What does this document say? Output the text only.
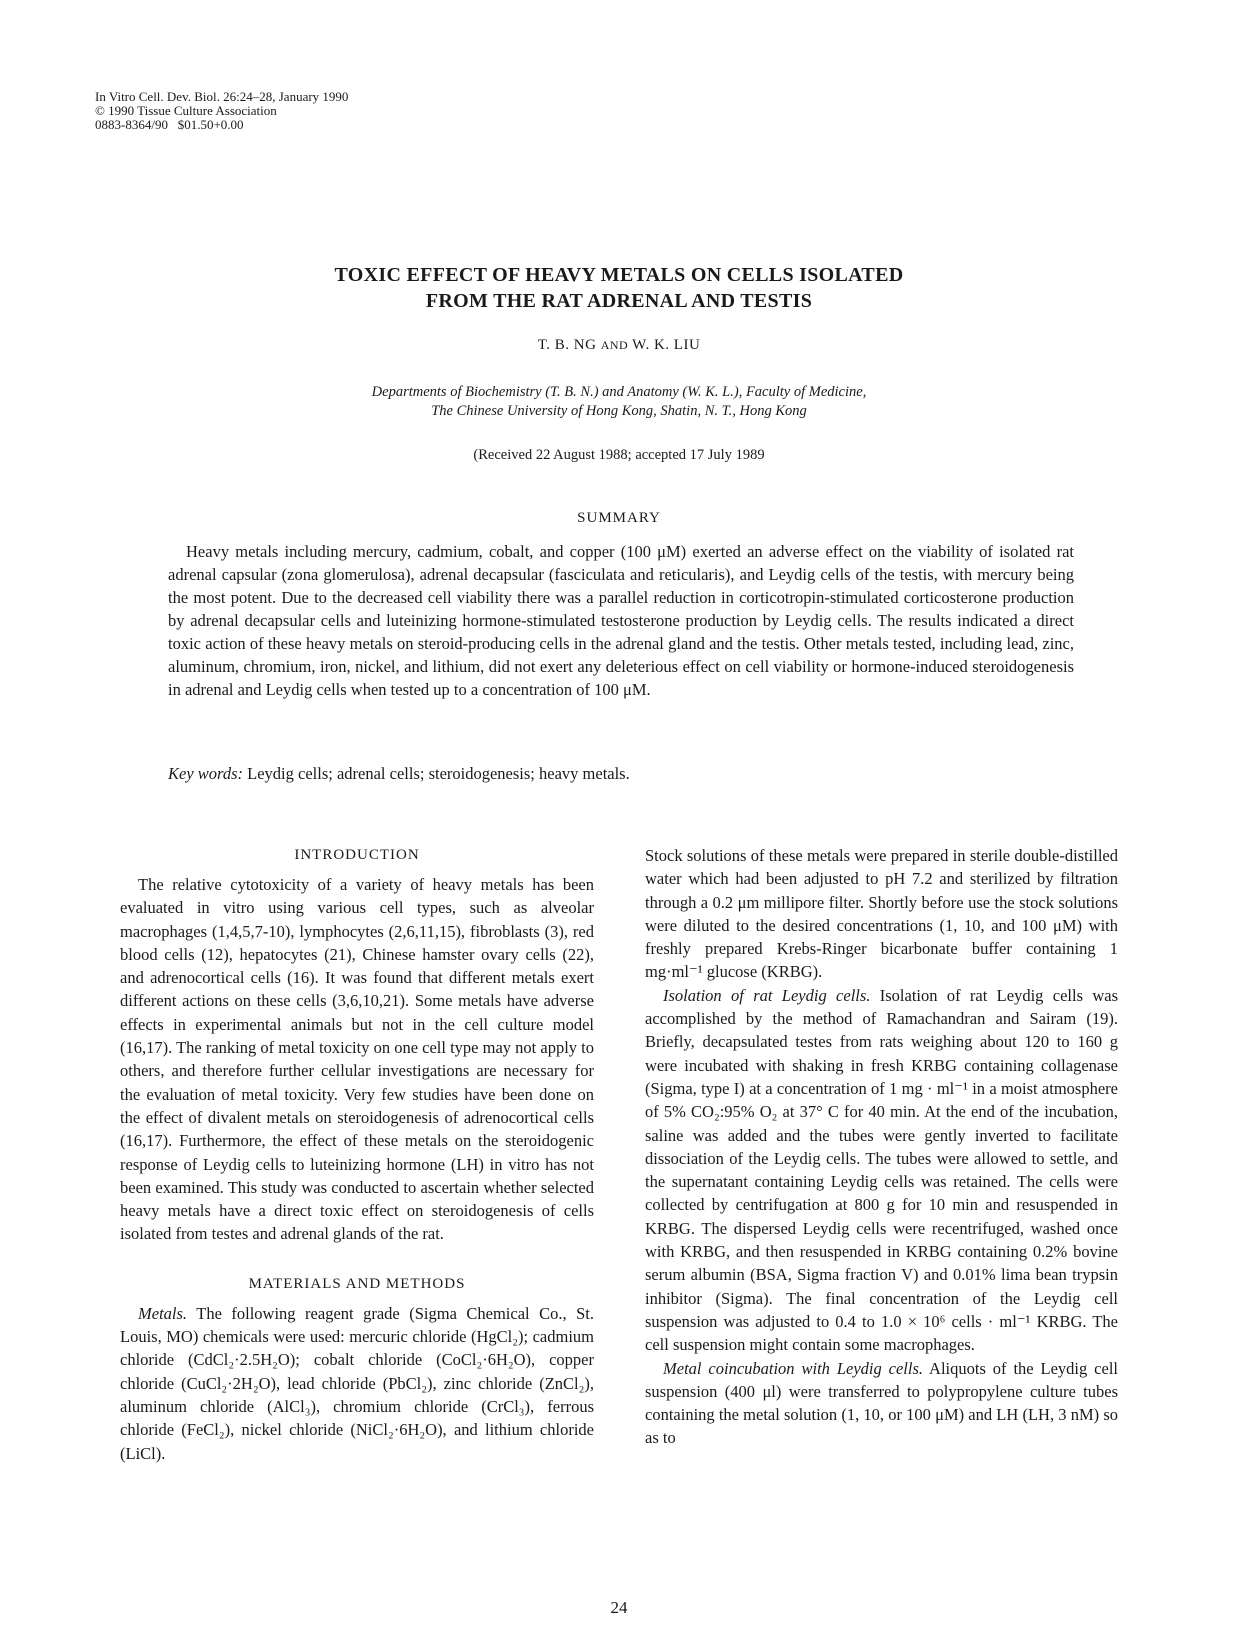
In Vitro Cell. Dev. Biol. 26:24–28, January 1990
© 1990 Tissue Culture Association
0883-8364/90   $01.50+0.00
TOXIC EFFECT OF HEAVY METALS ON CELLS ISOLATED
FROM THE RAT ADRENAL AND TESTIS
T. B. NG AND W. K. LIU
Departments of Biochemistry (T. B. N.) and Anatomy (W. K. L.), Faculty of Medicine,
The Chinese University of Hong Kong, Shatin, N. T., Hong Kong
(Received 22 August 1988; accepted 17 July 1989
SUMMARY

Heavy metals including mercury, cadmium, cobalt, and copper (100 μM) exerted an adverse effect on the viability of isolated rat adrenal capsular (zona glomerulosa), adrenal decapsular (fasciculata and reticularis), and Leydig cells of the testis, with mercury being the most potent. Due to the decreased cell viability there was a parallel reduction in corticotropin-stimulated corticosterone production by adrenal decapsular cells and luteinizing hormone-stimulated testosterone production by Leydig cells. The results indicated a direct toxic action of these heavy metals on steroid-producing cells in the adrenal gland and the testis. Other metals tested, including lead, zinc, aluminum, chromium, iron, nickel, and lithium, did not exert any deleterious effect on cell viability or hormone-induced steroidogenesis in adrenal and Leydig cells when tested up to a concentration of 100 μM.

Key words: Leydig cells; adrenal cells; steroidogenesis; heavy metals.

INTRODUCTION

The relative cytotoxicity of a variety of heavy metals has been evaluated in vitro using various cell types, such as alveolar macrophages (1,4,5,7-10), lymphocytes (2,6,11,15), fibroblasts (3), red blood cells (12), hepatocytes (21), Chinese hamster ovary cells (22), and adrenocortical cells (16). It was found that different metals exert different actions on these cells (3,6,10,21). Some metals have adverse effects in experimental animals but not in the cell culture model (16,17). The ranking of metal toxicity on one cell type may not apply to others, and therefore further cellular investigations are necessary for the evaluation of metal toxicity. Very few studies have been done on the effect of divalent metals on steroidogenesis of adrenocortical cells (16,17). Furthermore, the effect of these metals on the steroidogenic response of Leydig cells to luteinizing hormone (LH) in vitro has not been examined. This study was conducted to ascertain whether selected heavy metals have a direct toxic effect on steroidogenesis of cells isolated from testes and adrenal glands of the rat.

MATERIALS AND METHODS

Metals. The following reagent grade (Sigma Chemical Co., St. Louis, MO) chemicals were used: mercuric chloride (HgCl₂); cadmium chloride (CdCl₂·2.5H₂O); cobalt chloride (CoCl₂·6H₂O), copper chloride (CuCl₂·2H₂O), lead chloride (PbCl₂), zinc chloride (ZnCl₂), aluminum chloride (AlCl₃), chromium chloride (CrCl₃), ferrous chloride (FeCl₂), nickel chloride (NiCl₂·6H₂O), and lithium chloride (LiCl).

Stock solutions of these metals were prepared in sterile double-distilled water which had been adjusted to pH 7.2 and sterilized by filtration through a 0.2 μm millipore filter. Shortly before use the stock solutions were diluted to the desired concentrations (1, 10, and 100 μM) with freshly prepared Krebs-Ringer bicarbonate buffer containing 1 mg·ml⁻¹ glucose (KRBG).

Isolation of rat Leydig cells. Isolation of rat Leydig cells was accomplished by the method of Ramachandran and Sairam (19). Briefly, decapsulated testes from rats weighing about 120 to 160 g were incubated with shaking in fresh KRBG containing collagenase (Sigma, type I) at a concentration of 1 mg · ml⁻¹ in a moist atmosphere of 5% CO₂:95% O₂ at 37° C for 40 min. At the end of the incubation, saline was added and the tubes were gently inverted to facilitate dissociation of the Leydig cells. The tubes were allowed to settle, and the supernatant containing Leydig cells was retained. The cells were collected by centrifugation at 800 g for 10 min and resuspended in KRBG. The dispersed Leydig cells were recentrifuged, washed once with KRBG, and then resuspended in KRBG containing 0.2% bovine serum albumin (BSA, Sigma fraction V) and 0.01% lima bean trypsin inhibitor (Sigma). The final concentration of the Leydig cell suspension was adjusted to 0.4 to 1.0 × 10⁶ cells · ml⁻¹ KRBG. The cell suspension might contain some macrophages.

Metal coincubation with Leydig cells. Aliquots of the Leydig cell suspension (400 μl) were transferred to polypropylene culture tubes containing the metal solution (1, 10, or 100 μM) and LH (LH, 3 nM) so as to

24
